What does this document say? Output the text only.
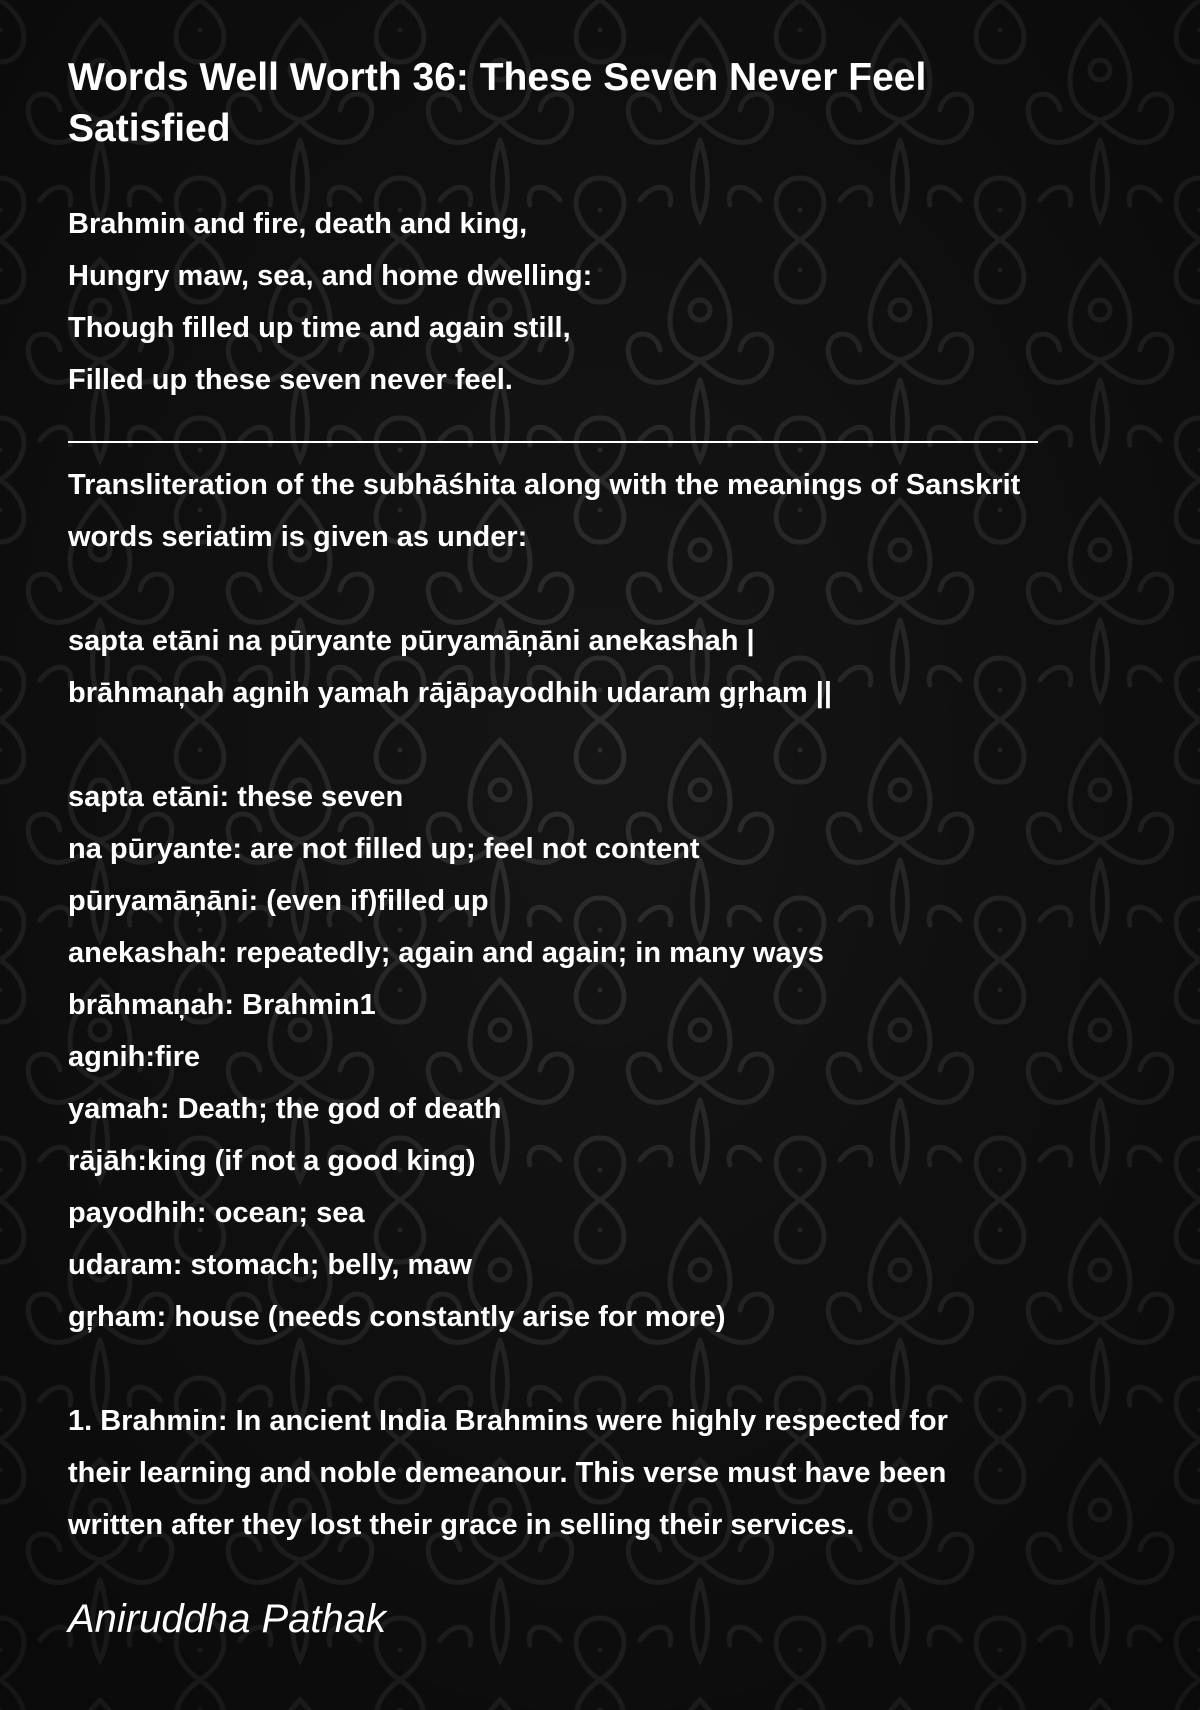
Words Well Worth 36: These Seven Never Feel Satisfied
Brahmin and fire, death and king,
Hungry maw, sea, and home dwelling:
Though filled up time and again still,
Filled up these seven never feel.
Transliteration of the subhāśhita along with the meanings of Sanskrit
words seriatim is given as under:
sapta etāni na pūryante pūryamāņāni anekashah |
brāhmaņah agnih yamah rājāpayodhih udaram gŗham ||
sapta etāni: these seven
na pūryante: are not filled up; feel not content
pūryamāņāni: (even if)filled up
anekashah: repeatedly; again and again; in many ways
brāhmaņah: Brahmin1
agnih:fire
yamah: Death; the god of death
rājāh:king (if not a good king)
payodhih: ocean; sea
udaram: stomach; belly, maw
gŗham: house (needs constantly arise for more)
1. Brahmin: In ancient India Brahmins were highly respected for
their learning and noble demeanour. This verse must have been
written after they lost their grace in selling their services.
Aniruddha Pathak
